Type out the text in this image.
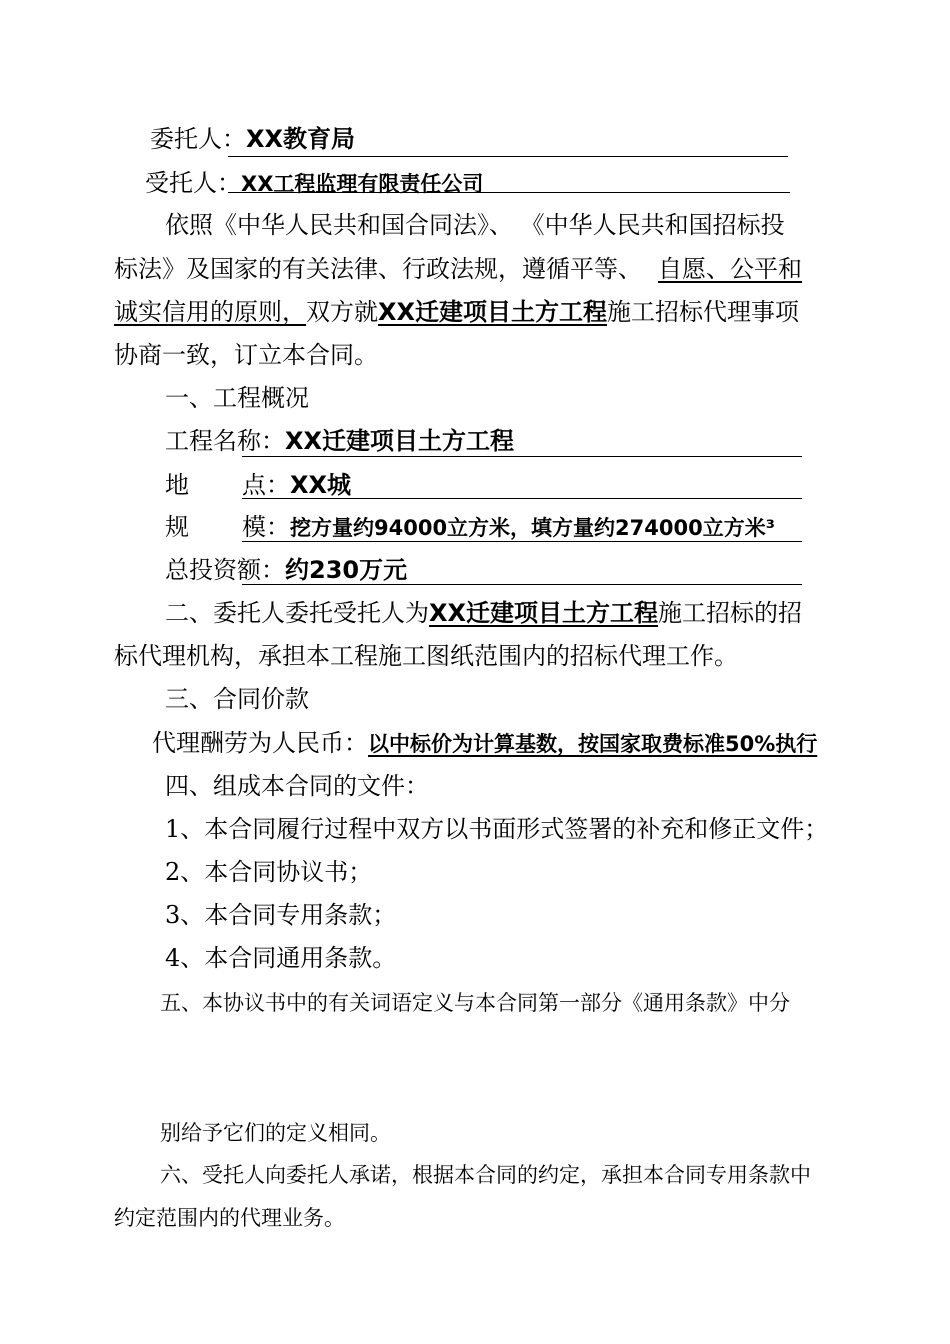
委托人：XX教育局
受托人：XX工程监理有限责任公司
依照《中华人民共和国合同法》、 《中华人民共和国招标投
标法》及国家的有关法律、行政法规，遵循平等、 自愿、公平和
诚实信用的原则，双方就XX迁建项目土方工程施工招标代理事项
协商一致，订立本合同。
一、工程概况
工程名称：XX迁建项目土方工程
地 点：XX城
规 模：挖方量约94000立方米，填方量约274000立方米³
总投资额：约230万元
二、委托人委托受托人为XX迁建项目土方工程施工招标的招
标代理机构，承担本工程施工图纸范围内的招标代理工作。
三、合同价款
代理酬劳为人民币：以中标价为计算基数，按国家取费标准50%执行
四、组成本合同的文件：
1、本合同履行过程中双方以书面形式签署的补充和修正文件；
2、本合同协议书；
3、本合同专用条款；
4、本合同通用条款。
五、本协议书中的有关词语定义与本合同第一部分《通用条款》中分
别给予它们的定义相同。
六、受托人向委托人承诺，根据本合同的约定，承担本合同专用条款中
约定范围内的代理业务。
